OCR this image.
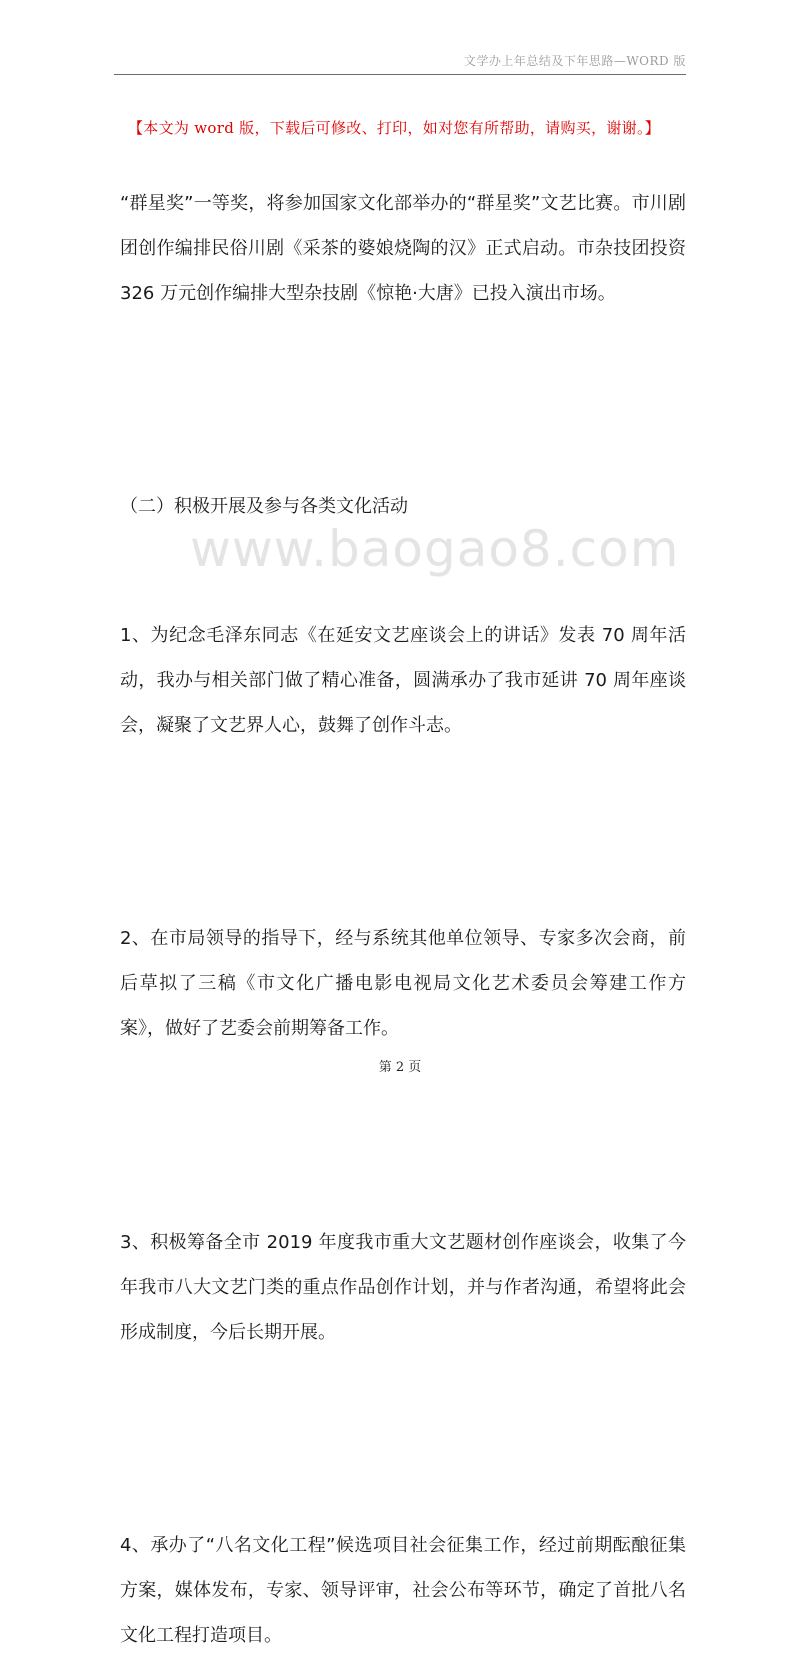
文学办上年总结及下年思路—WORD 版
www.baogao8.com
【本文为 word 版，下载后可修改、打印，如对您有所帮助，请购买，谢谢。】
“群星奖”一等奖，将参加国家文化部举办的“群星奖”文艺比赛。市川剧团创作编排民俗川剧《采茶的婆娘烧陶的汉》正式启动。市杂技团投资 326 万元创作编排大型杂技剧《惊艳·大唐》已投入演出市场。
（二）积极开展及参与各类文化活动
1、为纪念毛泽东同志《在延安文艺座谈会上的讲话》发表 70 周年活动，我办与相关部门做了精心准备，圆满承办了我市延讲 70 周年座谈会，凝聚了文艺界人心，鼓舞了创作斗志。
2、在市局领导的指导下，经与系统其他单位领导、专家多次会商，前后草拟了三稿《市文化广播电影电视局文化艺术委员会筹建工作方案》，做好了艺委会前期筹备工作。
3、积极筹备全市 2019 年度我市重大文艺题材创作座谈会，收集了今年我市八大文艺门类的重点作品创作计划，并与作者沟通，希望将此会形成制度，今后长期开展。
4、承办了“八名文化工程”候选项目社会征集工作，经过前期酝酿征集方案，媒体发布，专家、领导评审，社会公布等环节，确定了首批八名文化工程打造项目。
第 2 页
